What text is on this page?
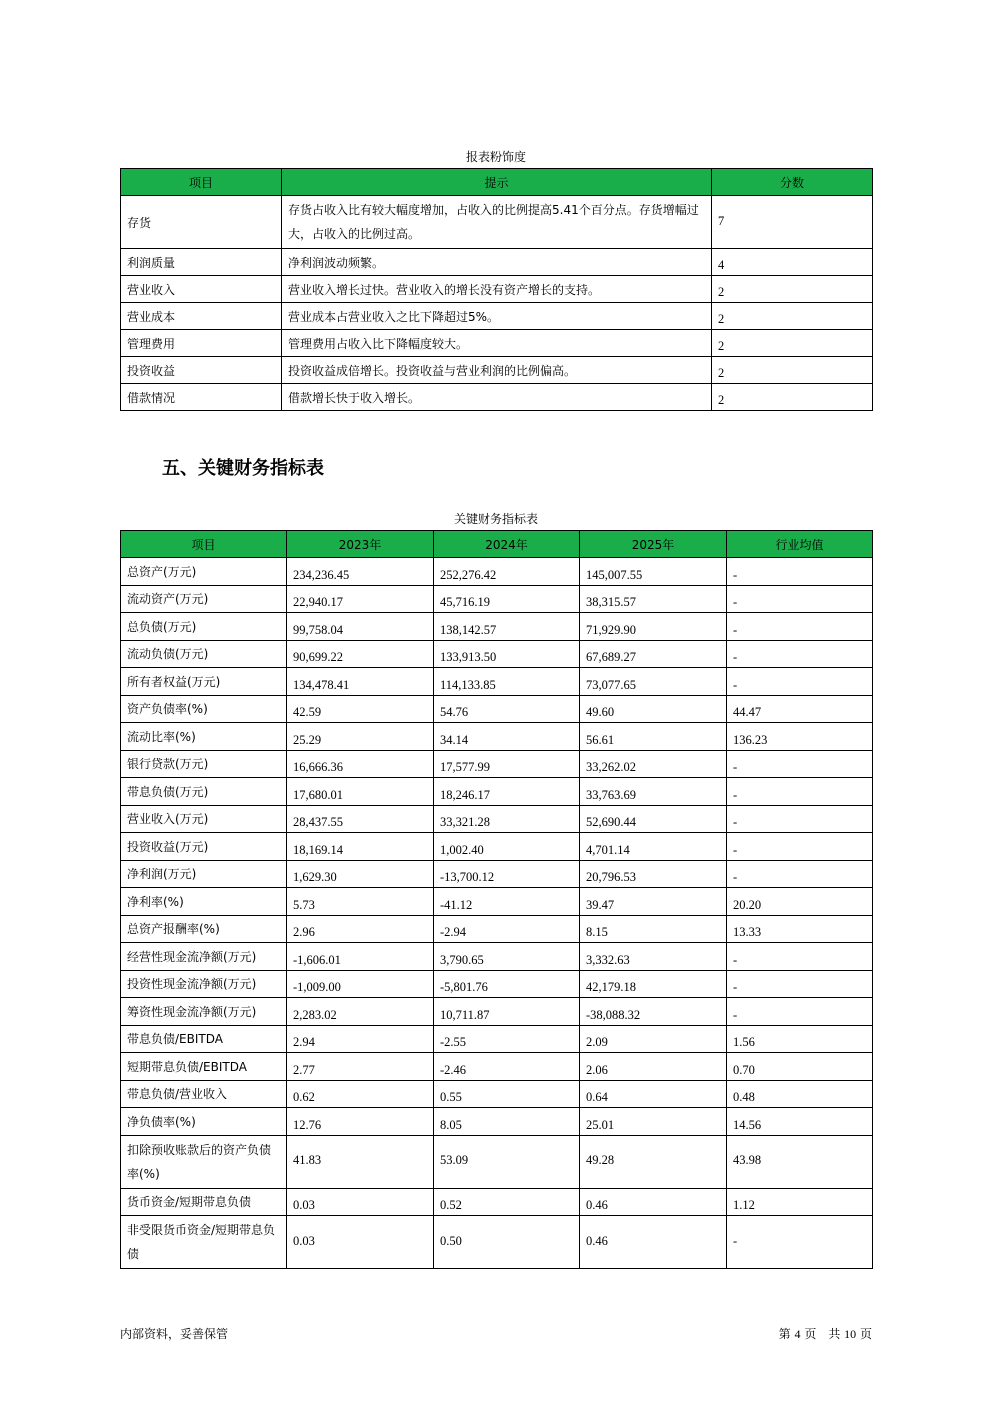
报表粉饰度
项目	提示	分数
存货	存货占收入比有较大幅度增加，占收入的比例提高5.41个百分点。存货增幅过大，占收入的比例过高。	7
利润质量	净利润波动频繁。	4
营业收入	营业收入增长过快。营业收入的增长没有资产增长的支持。	2
营业成本	营业成本占营业收入之比下降超过5%。	2
管理费用	管理费用占收入比下降幅度较大。	2
投资收益	投资收益成倍增长。投资收益与营业利润的比例偏高。	2
借款情况	借款增长快于收入增长。	2
五、关键财务指标表
关键财务指标表
项目	2023年	2024年	2025年	行业均值
总资产(万元)	234,236.45	252,276.42	145,007.55	-
流动资产(万元)	22,940.17	45,716.19	38,315.57	-
总负债(万元)	99,758.04	138,142.57	71,929.90	-
流动负债(万元)	90,699.22	133,913.50	67,689.27	-
所有者权益(万元)	134,478.41	114,133.85	73,077.65	-
资产负债率(%)	42.59	54.76	49.60	44.47
流动比率(%)	25.29	34.14	56.61	136.23
银行贷款(万元)	16,666.36	17,577.99	33,262.02	-
带息负债(万元)	17,680.01	18,246.17	33,763.69	-
营业收入(万元)	28,437.55	33,321.28	52,690.44	-
投资收益(万元)	18,169.14	1,002.40	4,701.14	-
净利润(万元)	1,629.30	-13,700.12	20,796.53	-
净利率(%)	5.73	-41.12	39.47	20.20
总资产报酬率(%)	2.96	-2.94	8.15	13.33
经营性现金流净额(万元)	-1,606.01	3,790.65	3,332.63	-
投资性现金流净额(万元)	-1,009.00	-5,801.76	42,179.18	-
筹资性现金流净额(万元)	2,283.02	10,711.87	-38,088.32	-
带息负债/EBITDA	2.94	-2.55	2.09	1.56
短期带息负债/EBITDA	2.77	-2.46	2.06	0.70
带息负债/营业收入	0.62	0.55	0.64	0.48
净负债率(%)	12.76	8.05	25.01	14.56
扣除预收账款后的资产负债率(%)	41.83	53.09	49.28	43.98
货币资金/短期带息负债	0.03	0.52	0.46	1.12
非受限货币资金/短期带息负债	0.03	0.50	0.46	-
内部资料，妥善保管	第 4 页　共 10 页
